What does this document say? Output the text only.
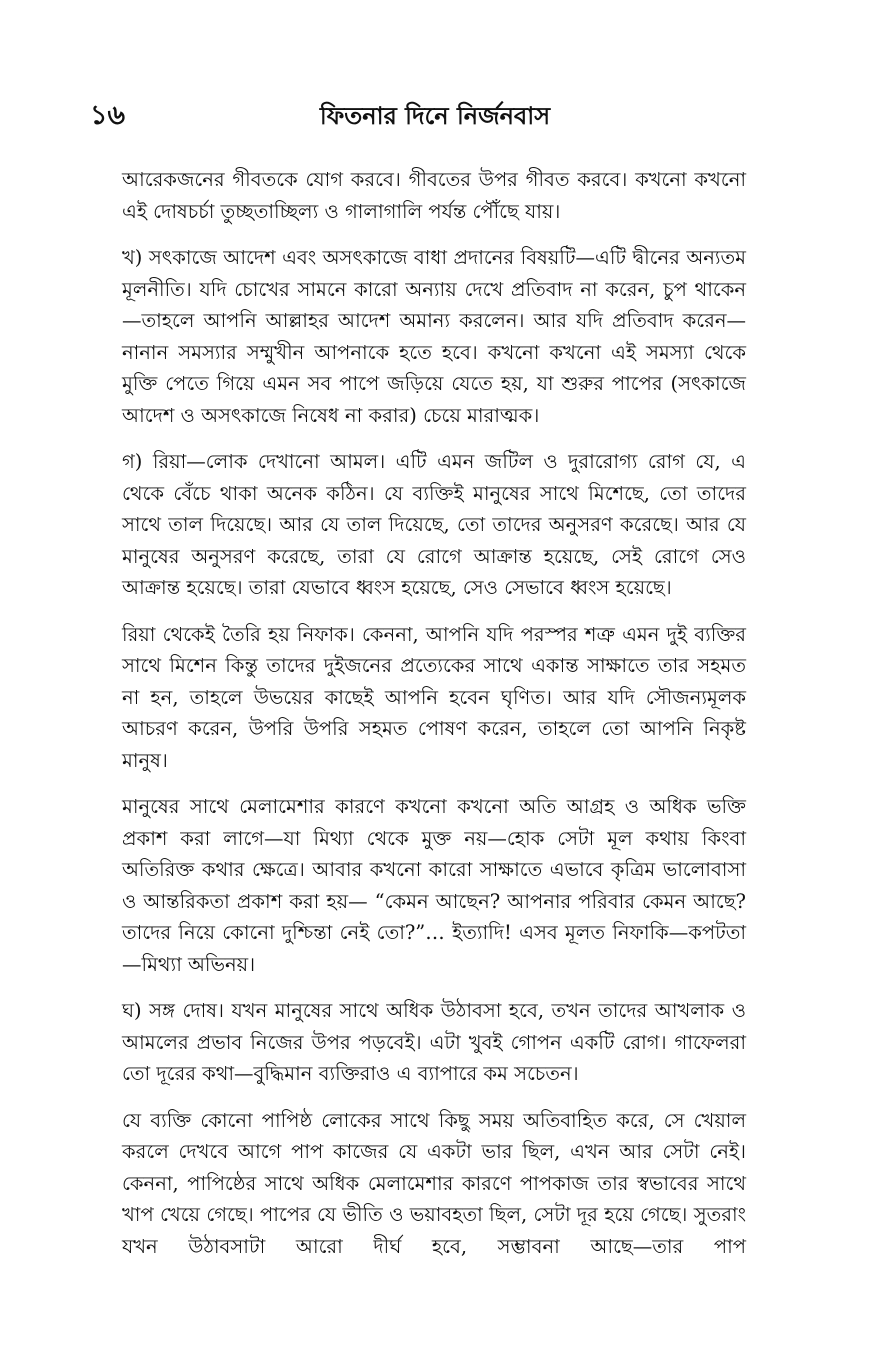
১৬	ফিতনার দিনে নির্জনবাস

আরেকজনের গীবতকে যোগ করবে। গীবতের উপর গীবত করবে। কখনো কখনো এই দোষচর্চা তুচ্ছতাচ্ছিল্য ও গালাগালি পর্যন্ত পৌঁছে যায়।

খ) সৎকাজে আদেশ এবং অসৎকাজে বাধা প্রদানের বিষয়টি—এটি দ্বীনের অন্যতম মূলনীতি। যদি চোখের সামনে কারো অন্যায় দেখে প্রতিবাদ না করেন, চুপ থাকেন—তাহলে আপনি আল্লাহর আদেশ অমান্য করলেন। আর যদি প্রতিবাদ করেন—নানান সমস্যার সম্মুখীন আপনাকে হতে হবে। কখনো কখনো এই সমস্যা থেকে মুক্তি পেতে গিয়ে এমন সব পাপে জড়িয়ে যেতে হয়, যা শুরুর পাপের (সৎকাজে আদেশ ও অসৎকাজে নিষেধ না করার) চেয়ে মারাত্মক।

গ) রিয়া—লোক দেখানো আমল। এটি এমন জটিল ও দুরারোগ্য রোগ যে, এ থেকে বেঁচে থাকা অনেক কঠিন। যে ব্যক্তিই মানুষের সাথে মিশেছে, তো তাদের সাথে তাল দিয়েছে। আর যে তাল দিয়েছে, তো তাদের অনুসরণ করেছে। আর যে মানুষের অনুসরণ করেছে, তারা যে রোগে আক্রান্ত হয়েছে, সেই রোগে সেও আক্রান্ত হয়েছে। তারা যেভাবে ধ্বংস হয়েছে, সেও সেভাবে ধ্বংস হয়েছে।

রিয়া থেকেই তৈরি হয় নিফাক। কেননা, আপনি যদি পরস্পর শত্রু এমন দুই ব্যক্তির সাথে মিশেন কিন্তু তাদের দুইজনের প্রত্যেকের সাথে একান্ত সাক্ষাতে তার সহমত না হন, তাহলে উভয়ের কাছেই আপনি হবেন ঘৃণিত। আর যদি সৌজন্যমূলক আচরণ করেন, উপরি উপরি সহমত পোষণ করেন, তাহলে তো আপনি নিকৃষ্ট মানুষ।

মানুষের সাথে মেলামেশার কারণে কখনো কখনো অতি আগ্রহ ও অধিক ভক্তি প্রকাশ করা লাগে—যা মিথ্যা থেকে মুক্ত নয়—হোক সেটা মূল কথায় কিংবা অতিরিক্ত কথার ক্ষেত্রে। আবার কখনো কারো সাক্ষাতে এভাবে কৃত্রিম ভালোবাসা ও আন্তরিকতা প্রকাশ করা হয়— “কেমন আছেন? আপনার পরিবার কেমন আছে? তাদের নিয়ে কোনো দুশ্চিন্তা নেই তো?”… ইত্যাদি! এসব মূলত নিফাকি—কপটতা—মিথ্যা অভিনয়।

ঘ) সঙ্গ দোষ। যখন মানুষের সাথে অধিক উঠাবসা হবে, তখন তাদের আখলাক ও আমলের প্রভাব নিজের উপর পড়বেই। এটা খুবই গোপন একটি রোগ। গাফেলরা তো দূরের কথা—বুদ্ধিমান ব্যক্তিরাও এ ব্যাপারে কম সচেতন।

যে ব্যক্তি কোনো পাপিষ্ঠ লোকের সাথে কিছু সময় অতিবাহিত করে, সে খেয়াল করলে দেখবে আগে পাপ কাজের যে একটা ভার ছিল, এখন আর সেটা নেই। কেননা, পাপিষ্ঠের সাথে অধিক মেলামেশার কারণে পাপকাজ তার স্বভাবের সাথে খাপ খেয়ে গেছে। পাপের যে ভীতি ও ভয়াবহতা ছিল, সেটা দূর হয়ে গেছে। সুতরাং যখন উঠাবসাটা আরো দীর্ঘ হবে, সম্ভাবনা আছে—তার পাপ
